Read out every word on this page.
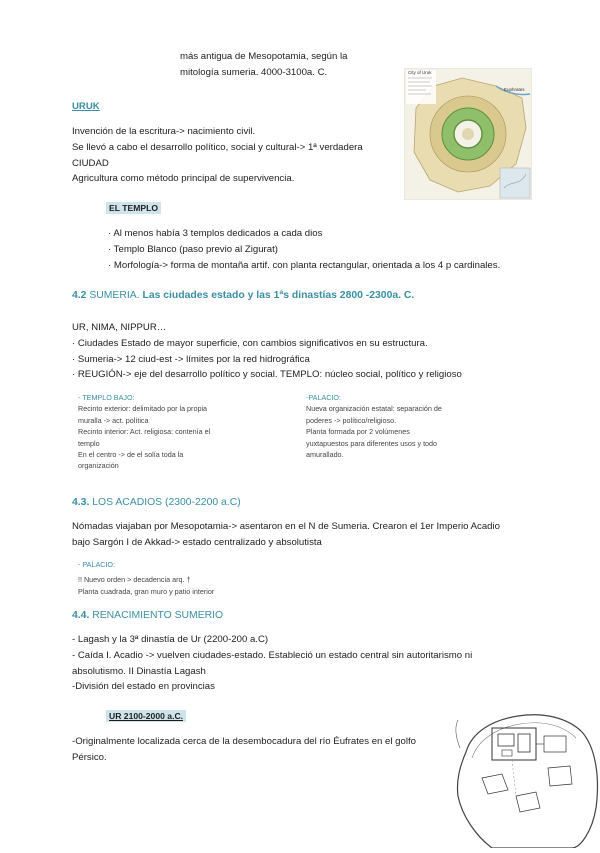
más antigua de Mesopotamia, según la
mitología sumeria. 4000-3100a. C.	City of Uruk
Euphrates
URUK
Invención de la escritura-> nacimiento civil.
Se llevó a cabo el desarrollo político, social y cultural-> 1ª verdadera
CIUDAD
Agricultura como método principal de supervivencia.
EL TEMPLO
· Al menos había 3 templos dedicados a cada dios
· Templo Blanco (paso previo al Zigurat)
· Morfología-> forma de montaña artif. con planta rectangular, orientada a los 4 p cardinales.
4.2 SUMERIA. Las ciudades estado y las 1ªs dinastías 2800 -2300a. C.
UR, NIMA, NIPPUR…
· Ciudades Estado de mayor superficie, con cambios significativos en su estructura.
· Sumeria-> 12 ciud-est -> límites por la red hidrográfica
· REUGIÓN-> eje del desarrollo político y social. TEMPLO: núcleo social, político y religioso
- TEMPLO BAJO:
Recinto exterior: delimitado por la propia
muralla -> act. política
Recinto interior: Act. religiosa: contenía el
templo
En el centro -> de el solía toda la
organización
-PALACIO:
Nueva organización estatal: separación de
poderes -> político/religioso.
Planta formada por 2 volúmenes
yuxtapuestos para diferentes usos y todo
amurallado.
4.3. LOS ACADIOS (2300-2200 a.C)
Nómadas viajaban por Mesopotamia-> asentaron en el N de Sumeria. Crearon el 1er Imperio Acadio
bajo Sargón I de Akkad-> estado centralizado y absolutista
- PALACIO:
!! Nuevo orden > decadencia arq. †
Planta cuadrada, gran muro y patio interior
4.4. RENACIMIENTO SUMERIO
- Lagash y la 3ª dinastía de Ur (2200-200 a.C)
- Caída I. Acadio -> vuelven ciudades-estado. Estableció un estado central sin autoritarismo ni
absolutismo. II Dinastía Lagash
-División del estado en provincias
UR 2100-2000 a.C.
-Originalmente localizada cerca de la desembocadura del río Éufrates en el golfo
Pérsico.
